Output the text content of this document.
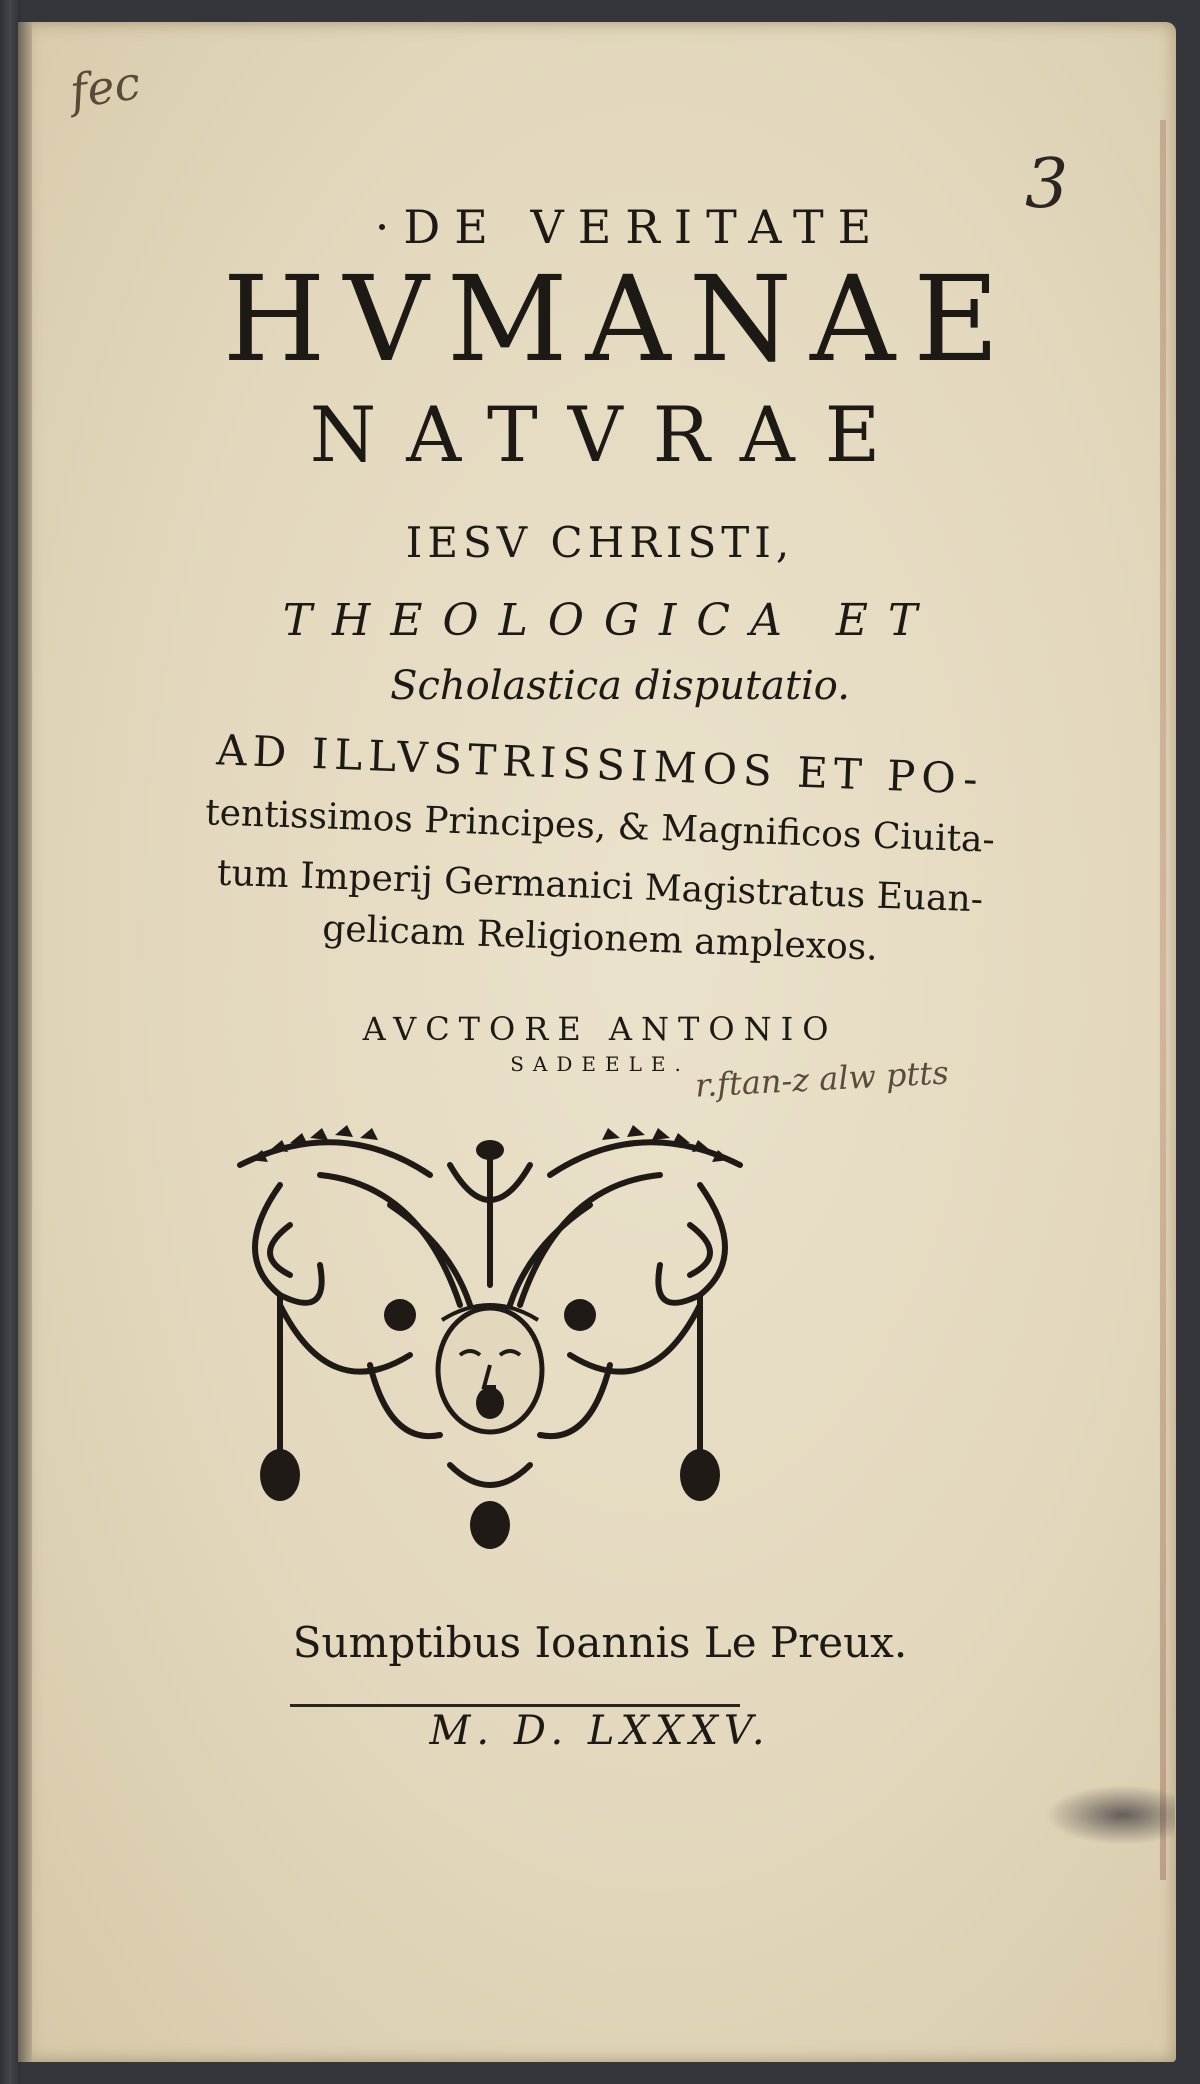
fec
3
·DE VERITATE
HVMANAE
NATVRAE
IESV CHRISTI,
THEOLOGICA ET
Scholastica disputatio.
AD ILLVSTRISSIMOS ET PO-
tentissimos Principes, & Magnificos Ciuita-
tum Imperij Germanici Magistratus Euan-
gelicam Religionem amplexos.
AVCTORE ANTONIO
SADEELE. r.ftan-z alw ptts
Sumptibus Ioannis Le Preux.
M. D. LXXXV.
